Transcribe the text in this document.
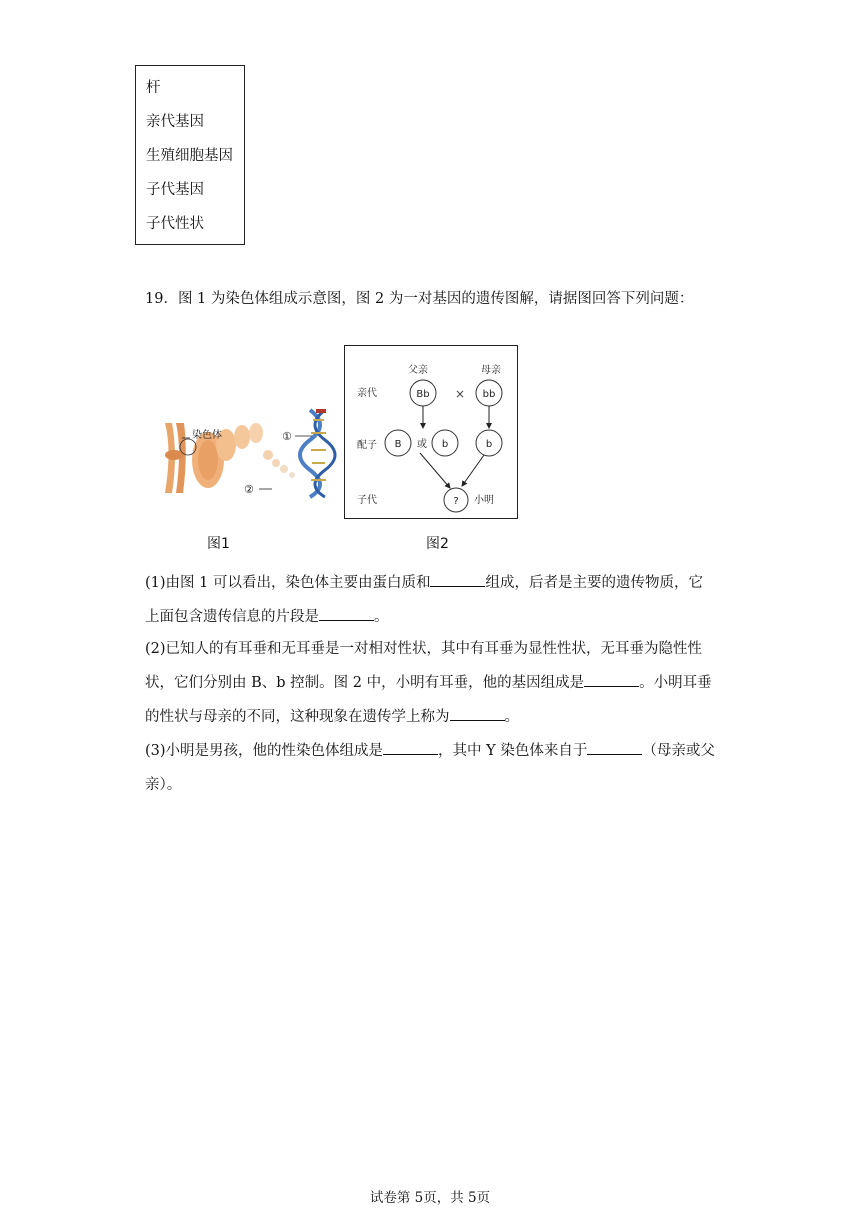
杆
亲代基因
生殖细胞基因
子代基因
子代性状
19．图 1 为染色体组成示意图，图 2 为一对基因的遗传图解，请据图回答下列问题：
染色体	①
②
父亲	母亲
亲代	Bb × bb
配子 B 或 b	b
子代	? 小明
图1	图2
(1)由图 1 可以看出，染色体主要由蛋白质和	组成，后者是主要的遗传物质，它上面包含遗传信息的片段是	。
(2)已知人的有耳垂和无耳垂是一对相对性状，其中有耳垂为显性性状，无耳垂为隐性性状，它们分别由 B、b 控制。图 2 中，小明有耳垂，他的基因组成是	。小明耳垂的性状与母亲的不同，这种现象在遗传学上称为	。
(3)小明是男孩，他的性染色体组成是	，其中 Y 染色体来自于	（母亲或父亲）。
试卷第 5页，共 5页
